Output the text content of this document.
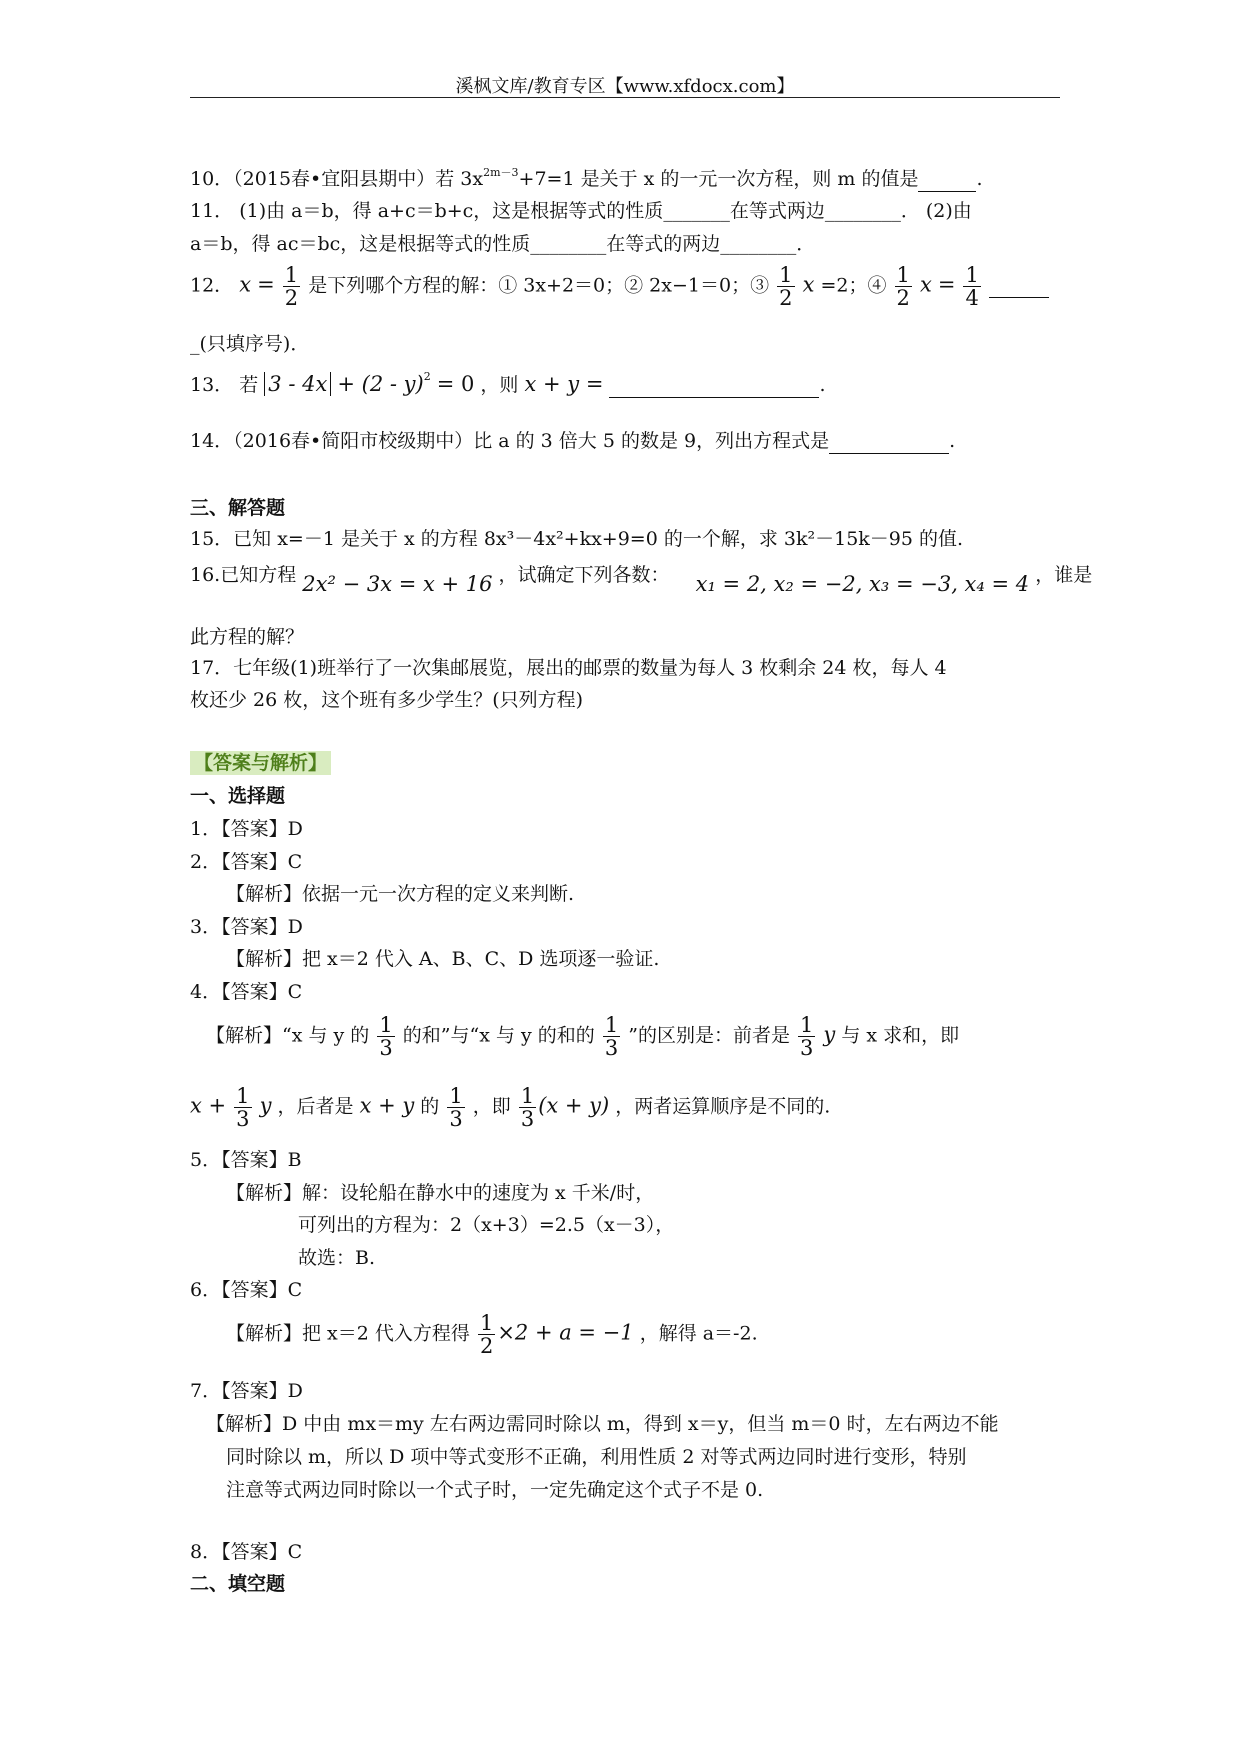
溪枫文库/教育专区【www.xfdocx.com】
10．（2015春•宜阳县期中）若 $3x^{2m-3}+7=1$ 是关于 x 的一元一次方程，则 m 的值是	.
11． (1)由 a＝b，得 a+c＝b+c，这是根据等式的性质_______在等式两边________． (2)由
a＝b，得 ac＝bc，这是根据等式的性质________在等式的两边________．
12． $x = \frac{1}{2}$ 是下列哪个方程的解：① 3x+2＝0；② 2x−1＝0；③ $\frac{1}{2}$ x =2；④ $\frac{1}{2}$ $x = \frac{1}{4}$

_(只填序号)．
13． 若 3 - 4x + (2 - y)$^2$ = 0 ，则 x + y =	.
14．（2016春•简阳市校级期中）比 a 的 3 倍大 5 的数是 9，列出方程式是	.
三、解答题
15．已知 x=－1 是关于 x 的方程 8x³－4x²+kx+9=0 的一个解，求 3k²－15k－95 的值.
16.已知方程 2x² − 3x = x + 16 ，试确定下列各数： x₁ = 2, x₂ = −2, x₃ = −3, x₄ = 4 ，谁是
此方程的解？
17．七年级(1)班举行了一次集邮展览，展出的邮票的数量为每人 3 枚剩余 24 枚，每人 4
枚还少 26 枚，这个班有多少学生？(只列方程)
【答案与解析】
一、选择题
1．【答案】D
2．【答案】C
【解析】依据一元一次方程的定义来判断.
3．【答案】D
【解析】把 x＝2 代入 A、B、C、D 选项逐一验证.
4．【答案】C
【解析】“x 与 y 的 $\frac{1}{3}$ 的和”与“x 与 y 的和的 $\frac{1}{3}$ ”的区别是：前者是 $\frac{1}{3}$ y 与 x 求和，即
$x + \frac{1}{3}$ y ，后者是 x + y 的 $\frac{1}{3}$ ，即 $\frac{1}{3} (x + y)$ ，两者运算顺序是不同的.
5．【答案】B
【解析】解：设轮船在静水中的速度为 x 千米/时，
可列出的方程为：2（x+3）=2.5（x－3），
故选：B.
6．【答案】C
【解析】把 x＝2 代入方程得 $\frac{1}{2} \times 2 + a = -1$ ，解得 a＝-2.
7．【答案】D
【解析】D 中由 mx＝my 左右两边需同时除以 m，得到 x＝y，但当 m＝0 时，左右两边不能
同时除以 m，所以 D 项中等式变形不正确，利用性质 2 对等式两边同时进行变形，特别
注意等式两边同时除以一个式子时，一定先确定这个式子不是 0.
8．【答案】C
二、填空题
